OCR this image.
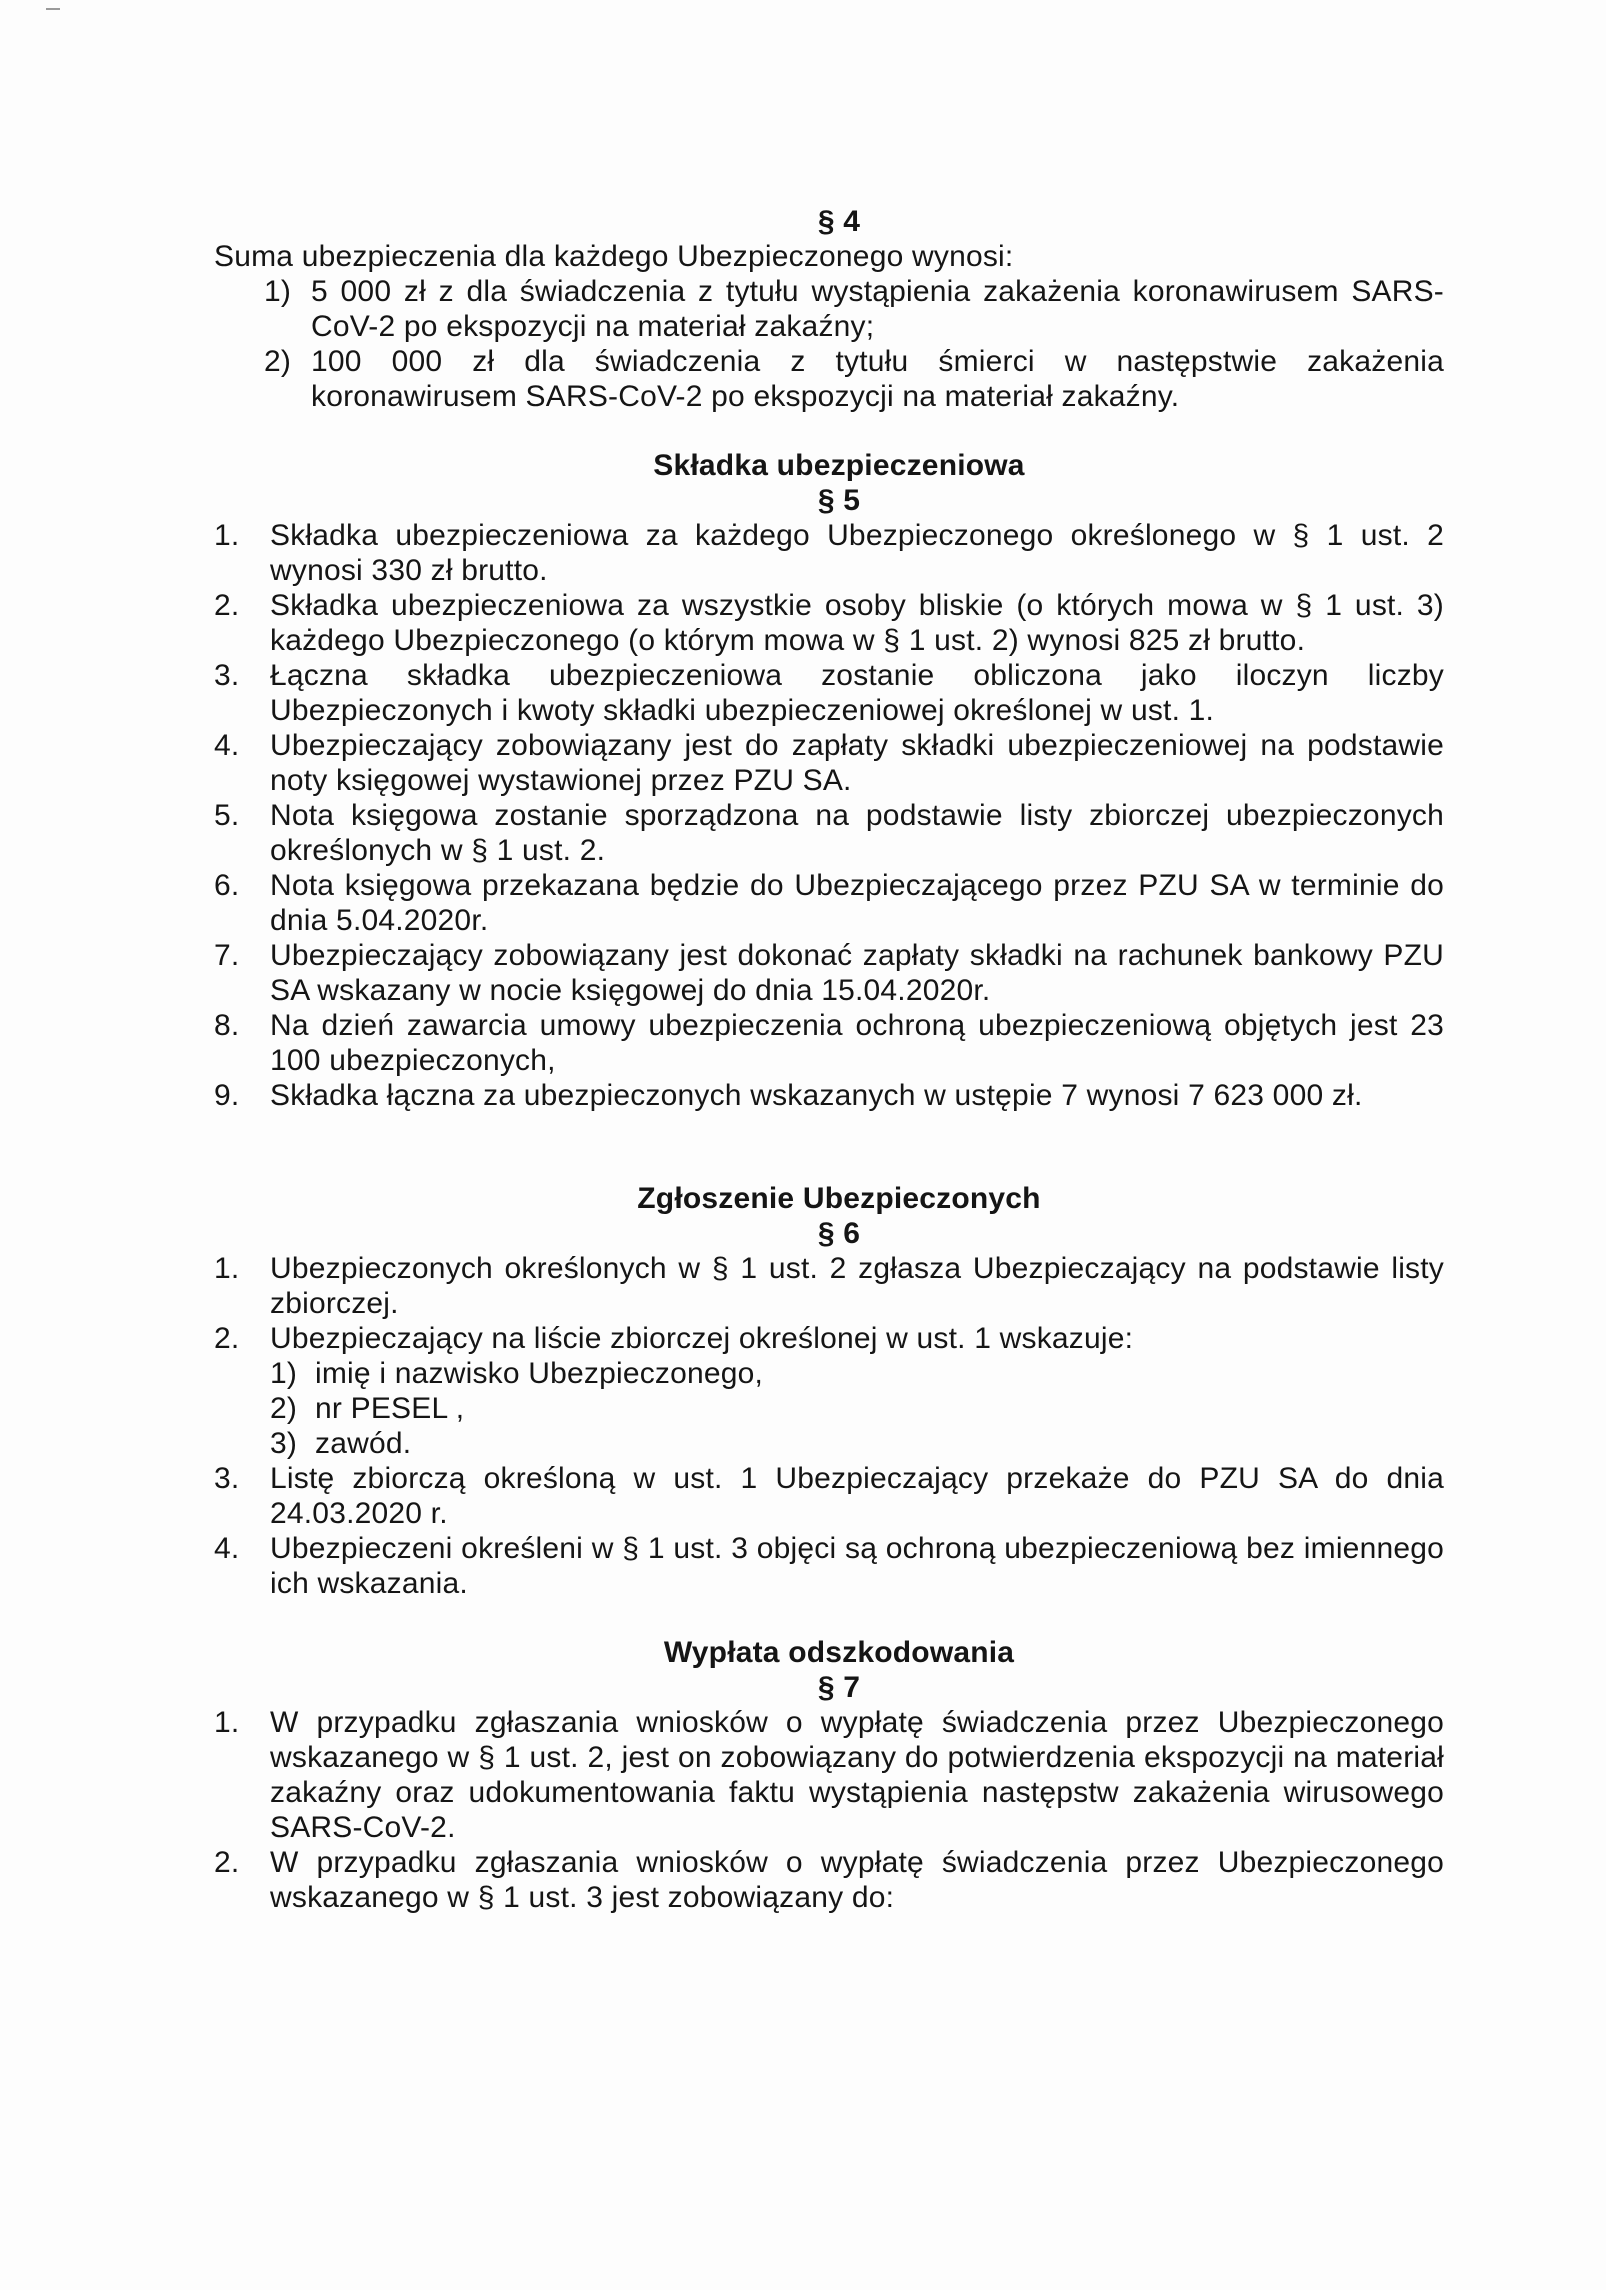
§ 4
Suma ubezpieczenia dla każdego Ubezpieczonego wynosi:
1) 5 000 zł z dla świadczenia z tytułu wystąpienia zakażenia koronawirusem SARS-CoV-2 po ekspozycji na materiał zakaźny;
2) 100 000 zł dla świadczenia z tytułu śmierci w następstwie zakażenia koronawirusem SARS-CoV-2 po ekspozycji na materiał zakaźny.
Składka ubezpieczeniowa
§ 5
1. Składka ubezpieczeniowa za każdego Ubezpieczonego określonego w § 1 ust. 2 wynosi 330 zł brutto.
2. Składka ubezpieczeniowa za wszystkie osoby bliskie (o których mowa w § 1 ust. 3) każdego Ubezpieczonego (o którym mowa w § 1 ust. 2) wynosi 825 zł brutto.
3. Łączna składka ubezpieczeniowa zostanie obliczona jako iloczyn liczby Ubezpieczonych i kwoty składki ubezpieczeniowej określonej w ust. 1.
4. Ubezpieczający zobowiązany jest do zapłaty składki ubezpieczeniowej na podstawie noty księgowej wystawionej przez PZU SA.
5. Nota księgowa zostanie sporządzona na podstawie listy zbiorczej ubezpieczonych określonych w § 1 ust. 2.
6. Nota księgowa przekazana będzie do Ubezpieczającego przez PZU SA w terminie do dnia 5.04.2020r.
7. Ubezpieczający zobowiązany jest dokonać zapłaty składki na rachunek bankowy PZU SA wskazany w nocie księgowej do dnia 15.04.2020r.
8. Na dzień zawarcia umowy ubezpieczenia ochroną ubezpieczeniową objętych jest 23 100 ubezpieczonych,
9. Składka łączna za ubezpieczonych wskazanych w ustępie 7 wynosi 7 623 000 zł.
Zgłoszenie Ubezpieczonych
§ 6
1. Ubezpieczonych określonych w § 1 ust. 2 zgłasza Ubezpieczający na podstawie listy zbiorczej.
2. Ubezpieczający na liście zbiorczej określonej w ust. 1 wskazuje:
1) imię i nazwisko Ubezpieczonego,
2) nr PESEL ,
3) zawód.
3. Listę zbiorczą określoną w ust. 1 Ubezpieczający przekaże do PZU SA do dnia 24.03.2020 r.
4. Ubezpieczeni określeni w § 1 ust. 3 objęci są ochroną ubezpieczeniową bez imiennego ich wskazania.
Wypłata odszkodowania
§ 7
1. W przypadku zgłaszania wniosków o wypłatę świadczenia przez Ubezpieczonego wskazanego w § 1 ust. 2, jest on zobowiązany do potwierdzenia ekspozycji na materiał zakaźny oraz udokumentowania faktu wystąpienia następstw zakażenia wirusowego SARS-CoV-2.
2. W przypadku zgłaszania wniosków o wypłatę świadczenia przez Ubezpieczonego wskazanego w § 1 ust. 3 jest zobowiązany do:
